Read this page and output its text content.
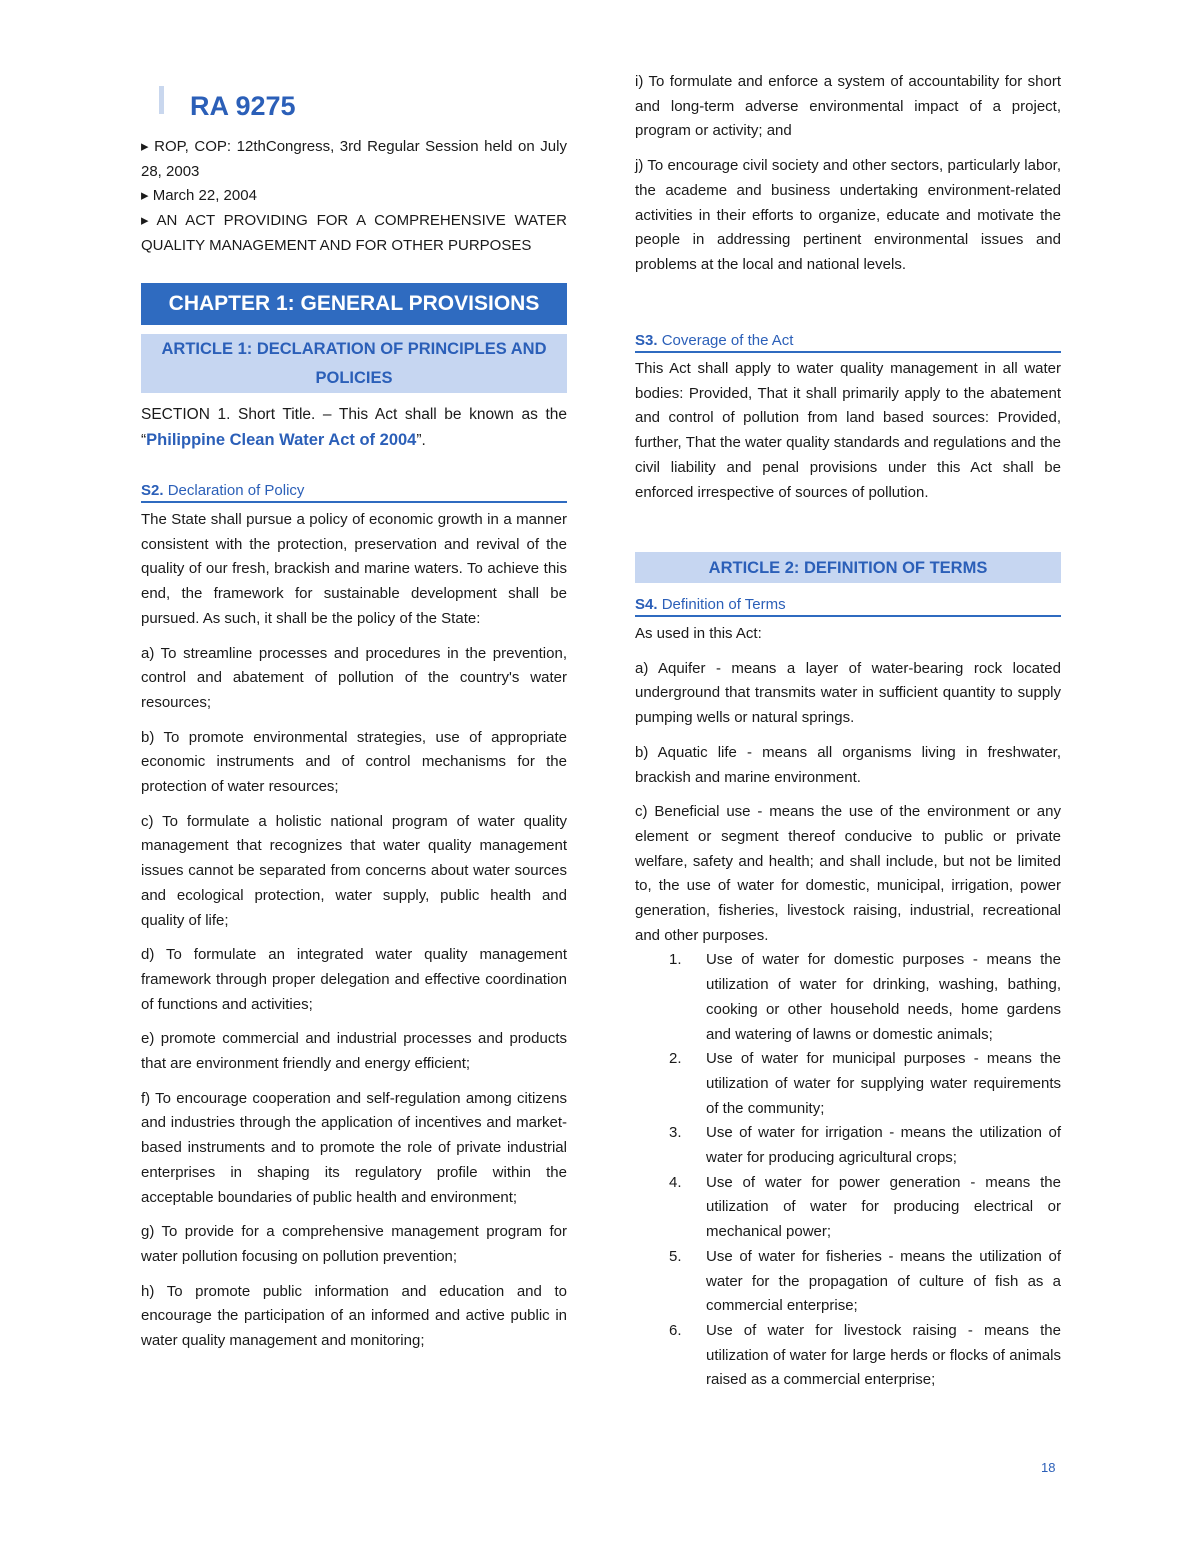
RA 9275

▸ ROP, COP: 12thCongress, 3rd Regular Session held on July 28, 2003

▸ March 22, 2004

▸ AN ACT PROVIDING FOR A COMPREHENSIVE WATER QUALITY MANAGEMENT AND FOR OTHER PURPOSES

CHAPTER 1: GENERAL PROVISIONS
ARTICLE 1: DECLARATION OF PRINCIPLES AND POLICIES

SECTION 1. Short Title. – This Act shall be known as the “Philippine Clean Water Act of 2004”.

S2. Declaration of Policy

The State shall pursue a policy of economic growth in a manner consistent with the protection, preservation and revival of the quality of our fresh, brackish and marine waters. To achieve this end, the framework for sustainable development shall be pursued. As such, it shall be the policy of the State:

a) To streamline processes and procedures in the prevention, control and abatement of pollution of the country's water resources;

b) To promote environmental strategies, use of appropriate economic instruments and of control mechanisms for the protection of water resources;

c) To formulate a holistic national program of water quality management that recognizes that water quality management issues cannot be separated from concerns about water sources and ecological protection, water supply, public health and quality of life;

d) To formulate an integrated water quality management framework through proper delegation and effective coordination of functions and activities;

e) promote commercial and industrial processes and products that are environment friendly and energy efficient;

f) To encourage cooperation and self-regulation among citizens and industries through the application of incentives and market-based instruments and to promote the role of private industrial enterprises in shaping its regulatory profile within the acceptable boundaries of public health and environment;

g) To provide for a comprehensive management program for water pollution focusing on pollution prevention;

h) To promote public information and education and to encourage the participation of an informed and active public in water quality management and monitoring;

i) To formulate and enforce a system of accountability for short and long-term adverse environmental impact of a project, program or activity; and

j) To encourage civil society and other sectors, particularly labor, the academe and business undertaking environment-related activities in their efforts to organize, educate and motivate the people in addressing pertinent environmental issues and problems at the local and national levels.

S3. Coverage of the Act

This Act shall apply to water quality management in all water bodies: Provided, That it shall primarily apply to the abatement and control of pollution from land based sources: Provided, further, That the water quality standards and regulations and the civil liability and penal provisions under this Act shall be enforced irrespective of sources of pollution.

ARTICLE 2: DEFINITION OF TERMS
S4. Definition of Terms

As used in this Act:

a) Aquifer - means a layer of water-bearing rock located underground that transmits water in sufficient quantity to supply pumping wells or natural springs.

b) Aquatic life - means all organisms living in freshwater, brackish and marine environment.

c) Beneficial use - means the use of the environment or any element or segment thereof conducive to public or private welfare, safety and health; and shall include, but not be limited to, the use of water for domestic, municipal, irrigation, power generation, fisheries, livestock raising, industrial, recreational and other purposes.

1. Use of water for domestic purposes - means the utilization of water for drinking, washing, bathing, cooking or other household needs, home gardens and watering of lawns or domestic animals;
2. Use of water for municipal purposes - means the utilization of water for supplying water requirements of the community;
3. Use of water for irrigation - means the utilization of water for producing agricultural crops;
4. Use of water for power generation - means the utilization of water for producing electrical or mechanical power;
5. Use of water for fisheries - means the utilization of water for the propagation of culture of fish as a commercial enterprise;
6. Use of water for livestock raising - means the utilization of water for large herds or flocks of animals raised as a commercial enterprise;
18
